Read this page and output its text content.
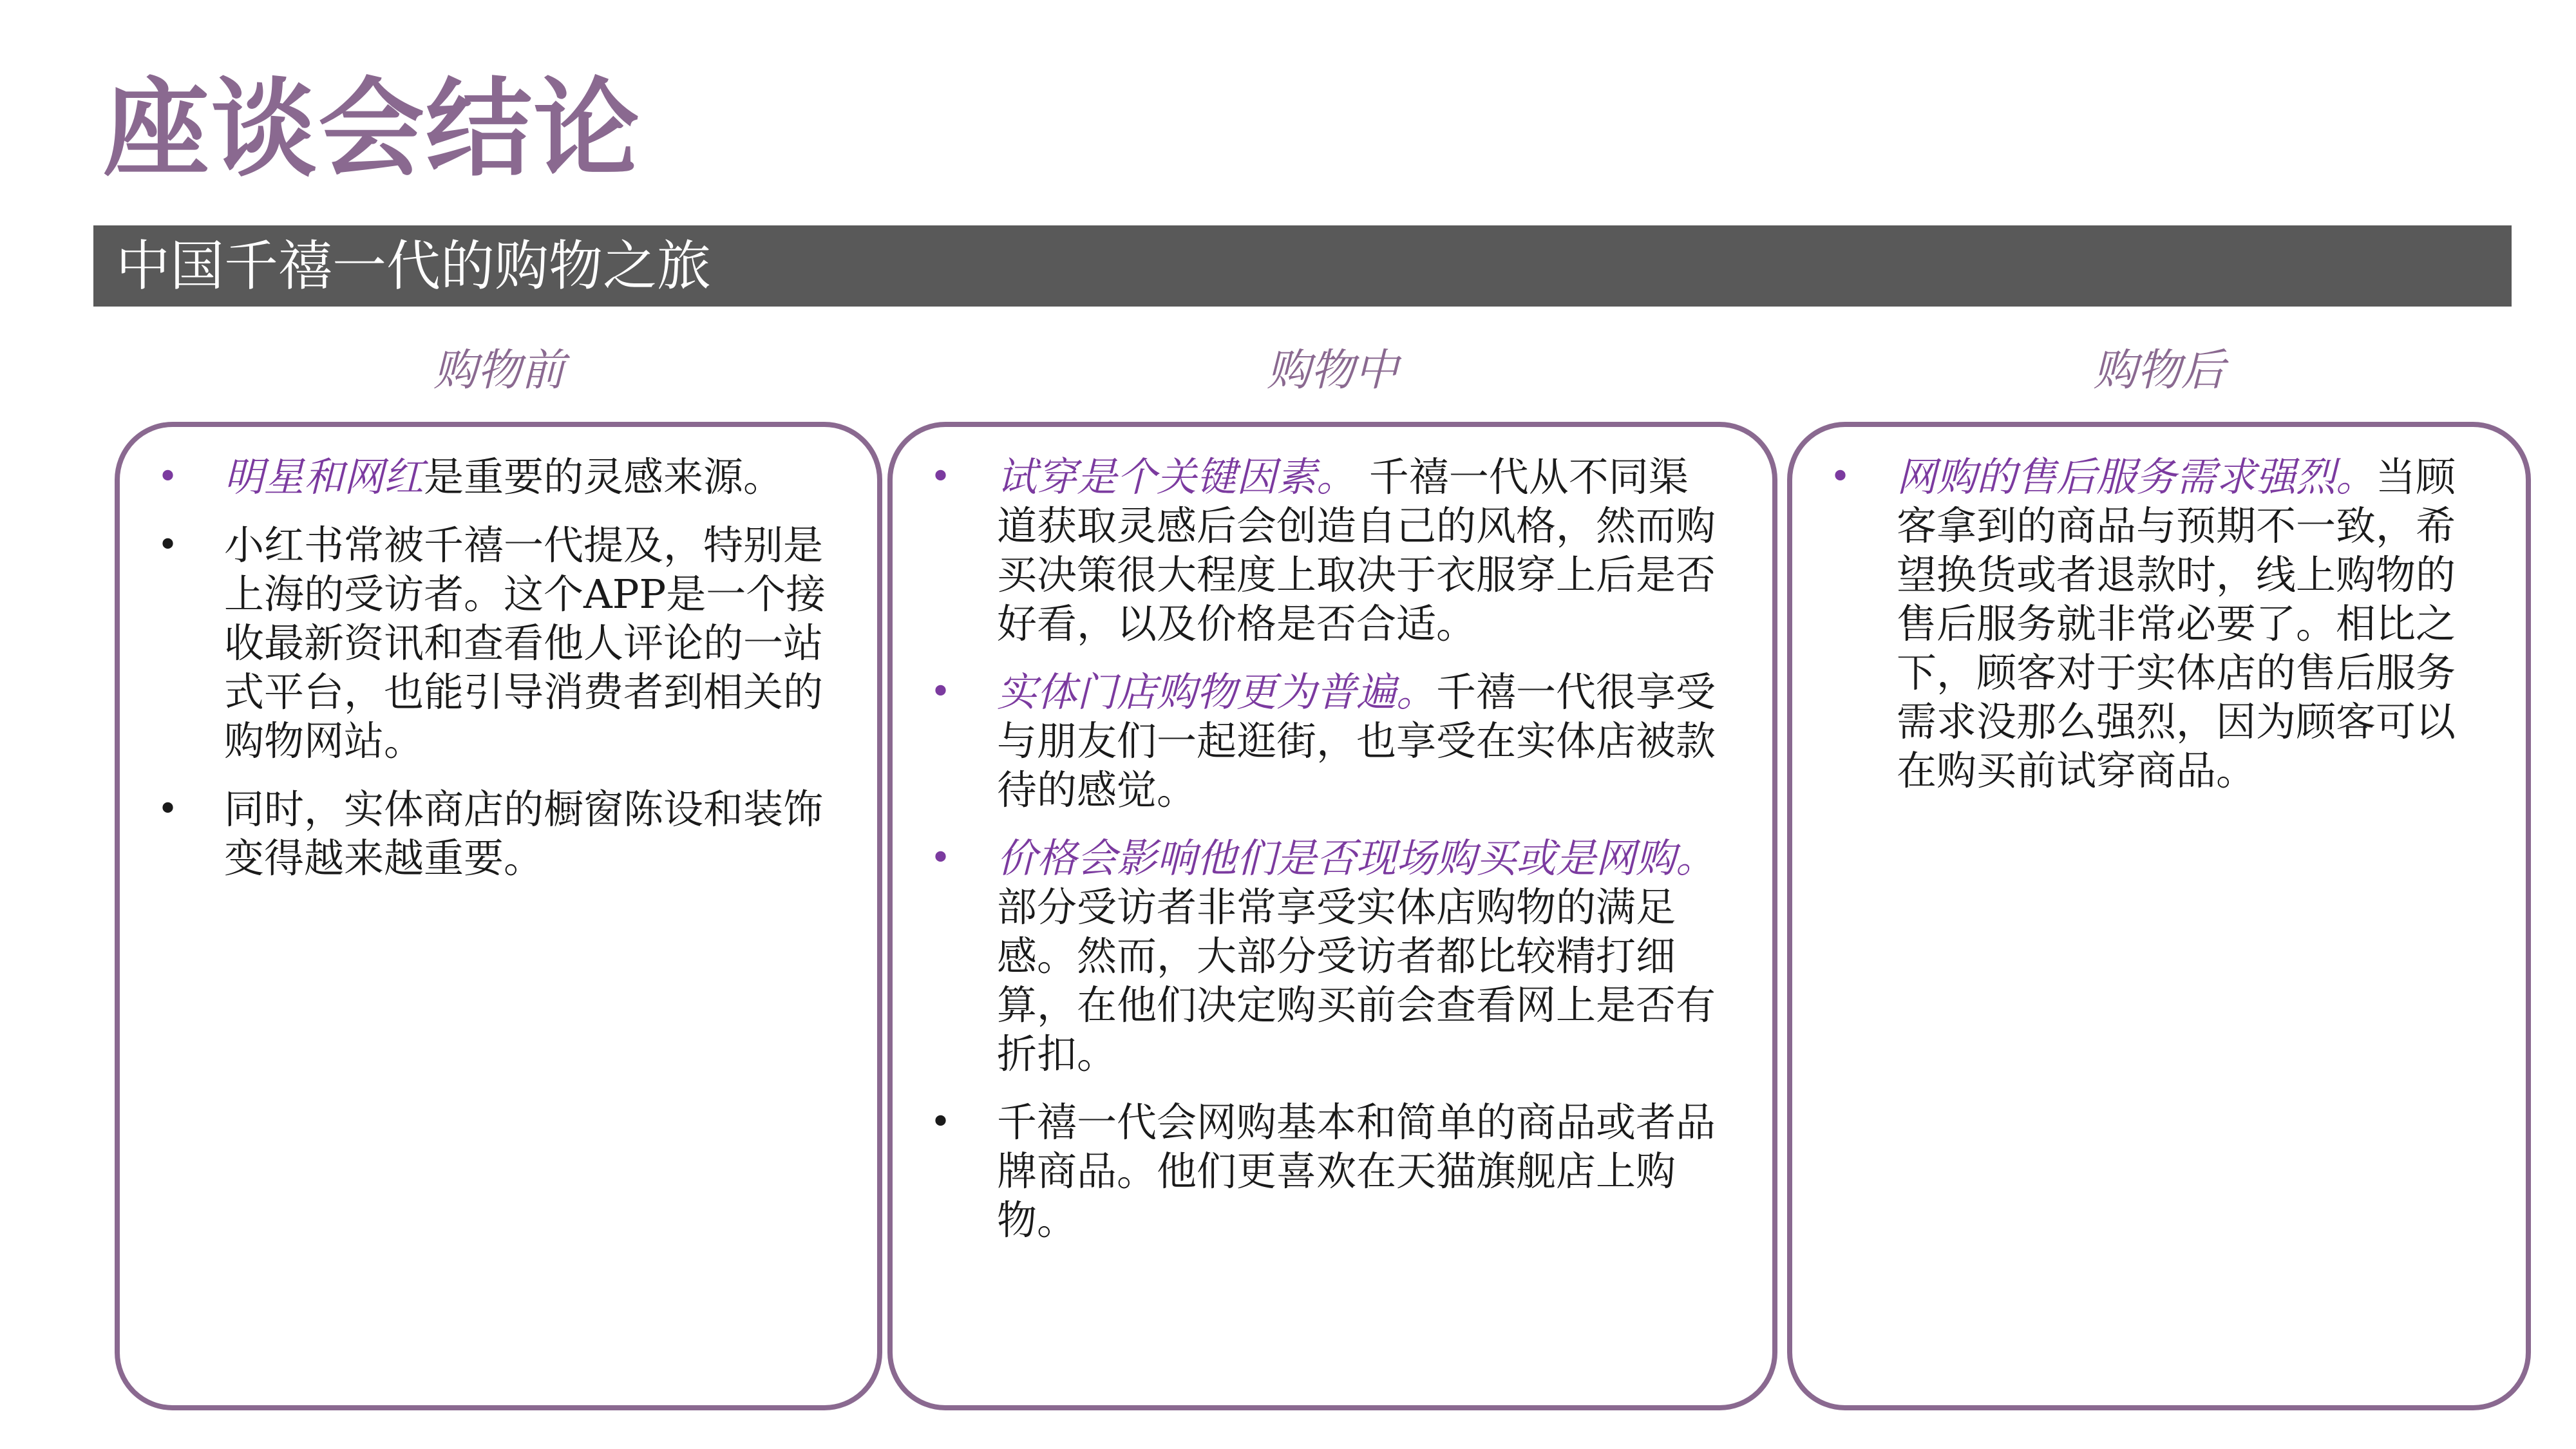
座谈会结论
中国千禧一代的购物之旅
购物前
• 明星和网红是重要的灵感来源。
• 小红书常被千禧一代提及，特别是上海的受访者。这个APP是一个接收最新资讯和查看他人评论的一站式平台，也能引导消费者到相关的购物网站。
• 同时，实体商店的橱窗陈设和装饰变得越来越重要。
购物中
• 试穿是个关键因素。 千禧一代从不同渠道获取灵感后会创造自己的风格，然而购买决策很大程度上取决于衣服穿上后是否好看，以及价格是否合适。
• 实体门店购物更为普遍。千禧一代很享受与朋友们一起逛街，也享受在实体店被款待的感觉。
• 价格会影响他们是否现场购买或是网购。部分受访者非常享受实体店购物的满足感。然而，大部分受访者都比较精打细算，在他们决定购买前会查看网上是否有折扣。
• 千禧一代会网购基本和简单的商品或者品牌商品。他们更喜欢在天猫旗舰店上购物。
购物后
• 网购的售后服务需求强烈。当顾客拿到的商品与预期不一致，希望换货或者退款时，线上购物的售后服务就非常必要了。相比之下，顾客对于实体店的售后服务需求没那么强烈，因为顾客可以在购买前试穿商品。
